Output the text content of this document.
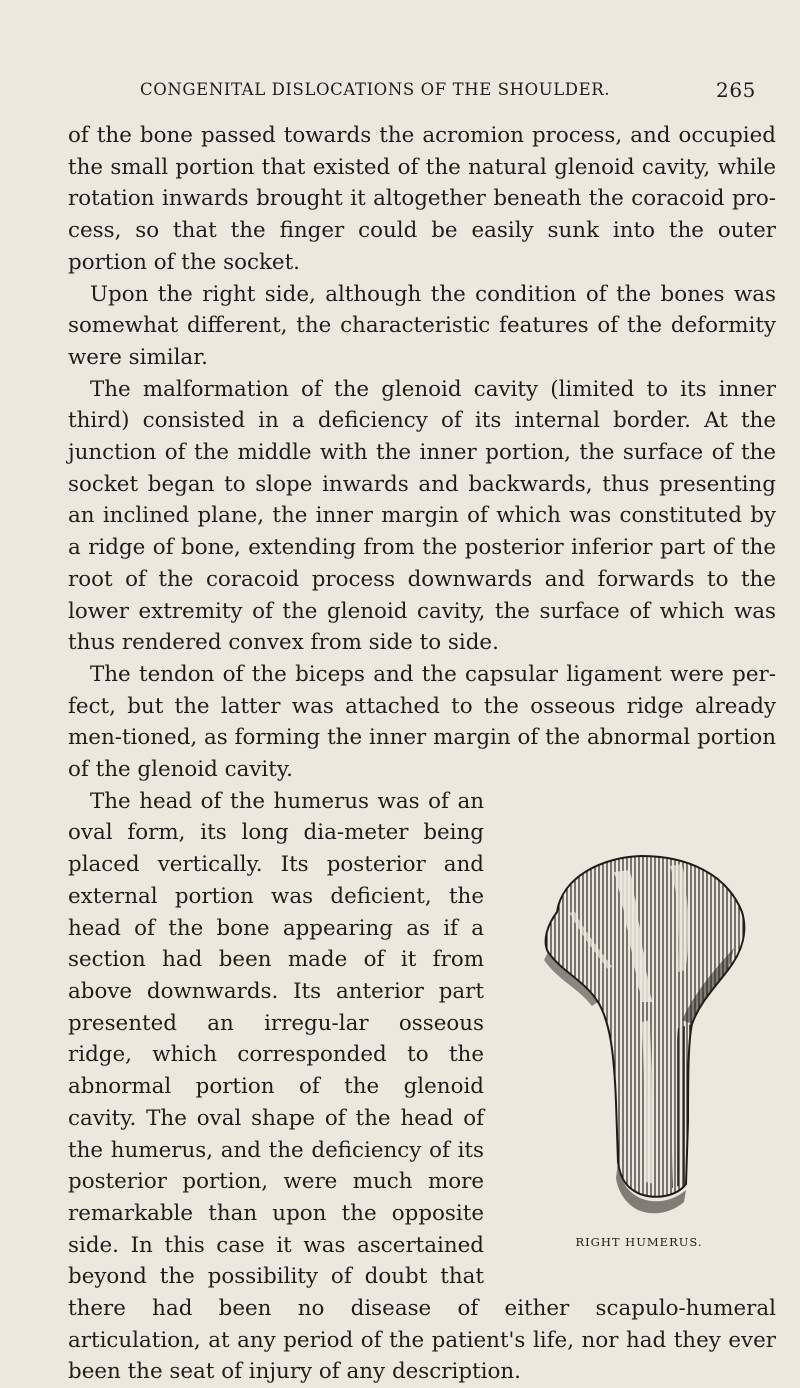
CONGENITAL DISLOCATIONS OF THE SHOULDER.	265

of the bone passed towards the acromion process, and occupied the small portion that existed of the natural glenoid cavity, while rotation inwards brought it altogether beneath the coracoid pro-cess, so that the finger could be easily sunk into the outer portion of the socket.

Upon the right side, although the condition of the bones was somewhat different, the characteristic features of the deformity were similar.

The malformation of the glenoid cavity (limited to its inner third) consisted in a deficiency of its internal border. At the junction of the middle with the inner portion, the surface of the socket began to slope inwards and backwards, thus presenting an inclined plane, the inner margin of which was constituted by a ridge of bone, extending from the posterior inferior part of the root of the coracoid process downwards and forwards to the lower extremity of the glenoid cavity, the surface of which was thus rendered convex from side to side.

The tendon of the biceps and the capsular ligament were per-fect, but the latter was attached to the osseous ridge already men-tioned, as forming the inner margin of the abnormal portion of the glenoid cavity.

RIGHT HUMERUS.

The head of the humerus was of an oval form, its long dia-meter being placed vertically. Its posterior and external portion was deficient, the head of the bone appearing as if a section had been made of it from above downwards. Its anterior part presented an irregu-lar osseous ridge, which corresponded to the abnormal portion of the glenoid cavity. The oval shape of the head of the humerus, and the deficiency of its posterior portion, were much more remarkable than upon the opposite side. In this case it was ascertained beyond the possibility of doubt that there had been no disease of either scapulo-humeral articulation, at any period of the patient's life, nor had they ever been the seat of injury of any description.
